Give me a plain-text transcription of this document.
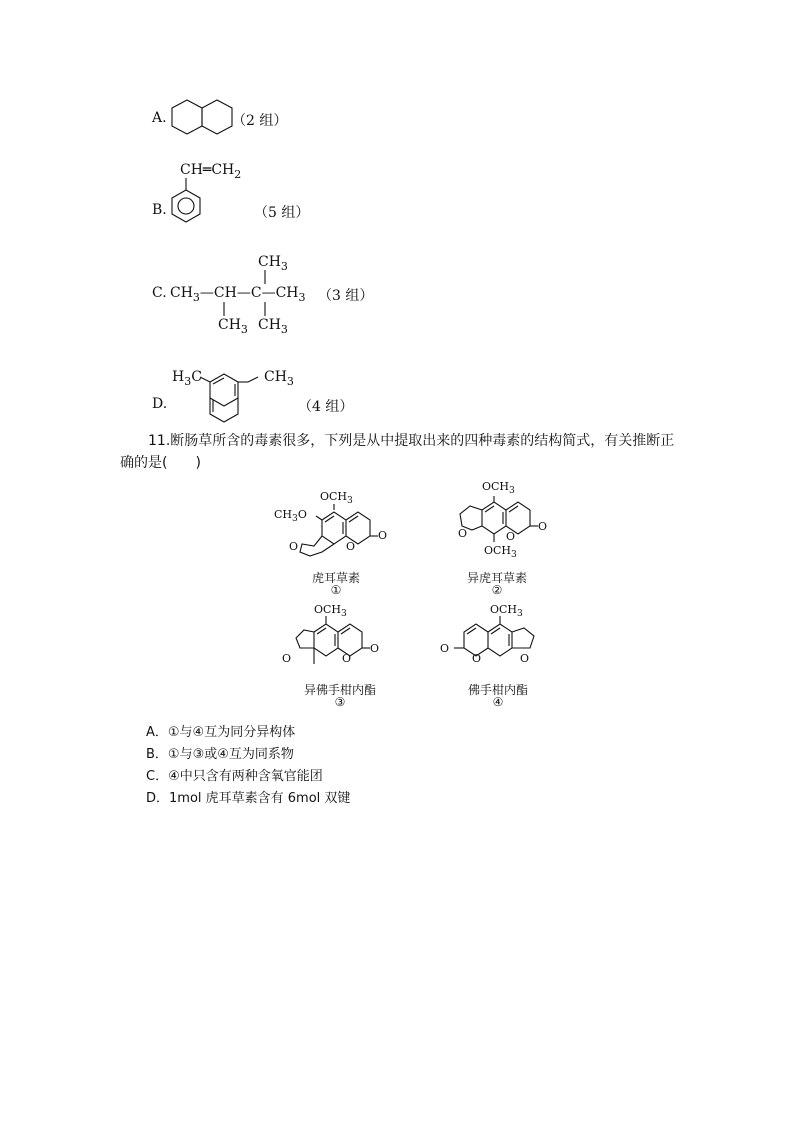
A.	（2 组）
$CH═CH_2$
B.	（5 组）
C.
$CH_3$
$CH_3—CH—C—CH_3$ （3 组）
$CH_3$ $CH_3$
$H_3C$	$CH_3$
D.	（4 组）
11.断肠草所含的毒素很多，下列是从中提取出来的四种毒素的结构简式，有关推断正
确的是(　　)
$OCH_3$
$CH_3O$
O	O
O
虎耳草素
①
$OCH_3$
O	O
O
$OCH_3$
异虎耳草素
②
$OCH_3$
O	O
O
异佛手柑内酯
③
$OCH_3$
O
O	O
佛手柑内酯
④
A．①与④互为同分异构体
B．①与③或④互为同系物
C．④中只含有两种含氧官能团
D．1mol 虎耳草素含有 6mol 双键
